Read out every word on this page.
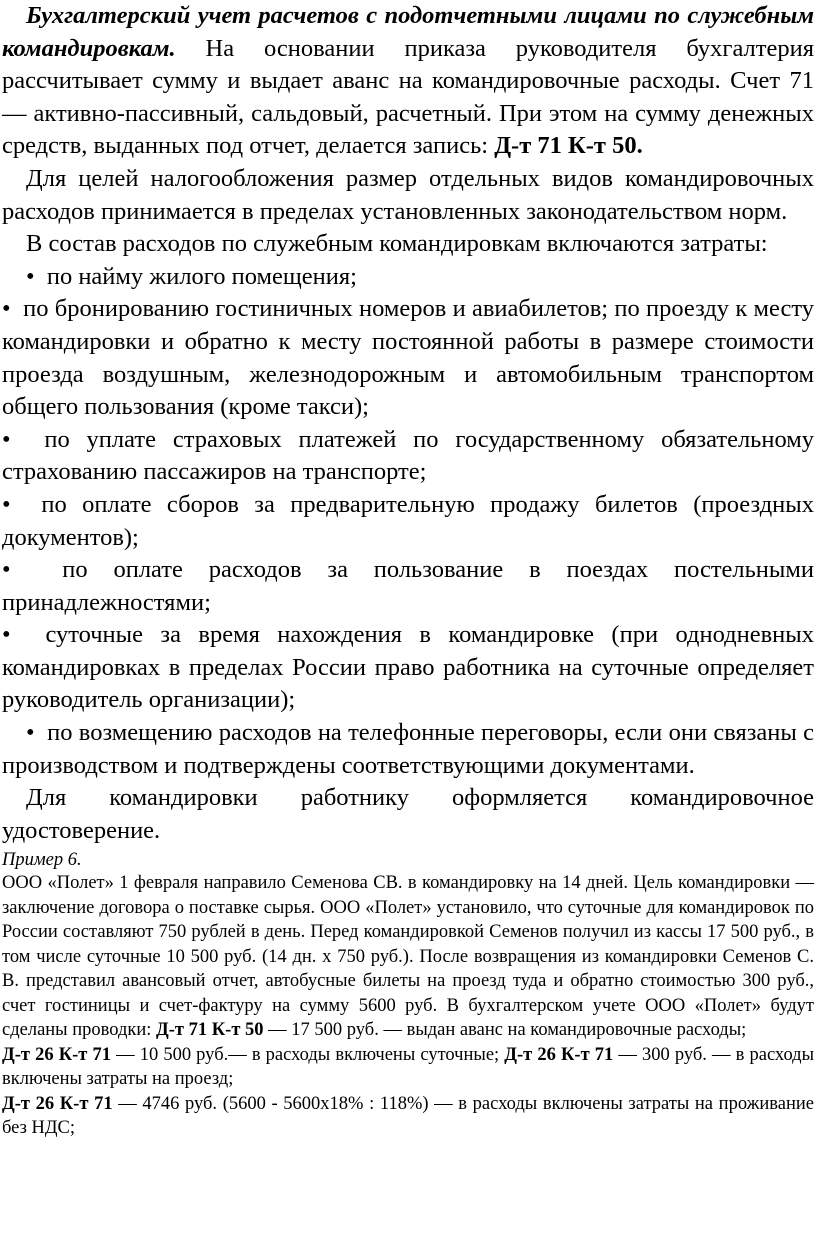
Бухгалтерский учет расчетов с подотчетными лицами по служебным командировкам. На основании приказа руководителя бухгалтерия рассчитывает сумму и выдает аванс на командировочные расходы. Счет 71 — активно-пассивный, сальдовый, расчетный. При этом на сумму денежных средств, выданных под отчет, делается запись: Д-т 71 К-т 50.

Для целей налогообложения размер отдельных видов командировочных расходов принимается в пределах установленных законодательством норм.

В состав расходов по служебным командировкам включаются затраты:

• по найму жилого помещения;

• по бронированию гостиничных номеров и авиабилетов; по проезду к месту командировки и обратно к месту постоянной работы в размере стоимости проезда воздушным, железнодорожным и автомобильным транспортом общего пользования (кроме такси);

• по уплате страховых платежей по государственному обязательному страхованию пассажиров на транспорте;

• по оплате сборов за предварительную продажу билетов (проездных документов);

• по оплате расходов за пользование в поездах постельными принадлежностями;

• суточные за время нахождения в командировке (при однодневных командировках в пределах России право работника на суточные определяет руководитель организации);

• по возмещению расходов на телефонные переговоры, если они связаны с производством и подтверждены соответствующими документами.

Для командировки работнику оформляется командировочное удостоверение.

Пример 6.

ООО «Полет» 1 февраля направило Семенова СВ. в командировку на 14 дней. Цель командировки — заключение договора о поставке сырья. ООО «Полет» установило, что суточные для командировок по России составляют 750 рублей в день. Перед командировкой Семенов получил из кассы 17 500 руб., в том числе суточные 10 500 руб. (14 дн. х 750 руб.). После возвращения из командировки Семенов С. В. представил авансовый отчет, автобусные билеты на проезд туда и обратно стоимостью 300 руб., счет гостиницы и счет-фактуру на сумму 5600 руб. В бухгалтерском учете ООО «Полет» будут сделаны проводки: Д-т 71 К-т 50 — 17 500 руб. — выдан аванс на командировочные расходы;

Д-т 26 К-т 71 — 10 500 руб.— в расходы включены суточные; Д-т 26 К-т 71 — 300 руб. — в расходы включены затраты на проезд;

Д-т 26 К-т 71 — 4746 руб. (5600 - 5600х18% : 118%) — в расходы включены затраты на проживание без НДС;
